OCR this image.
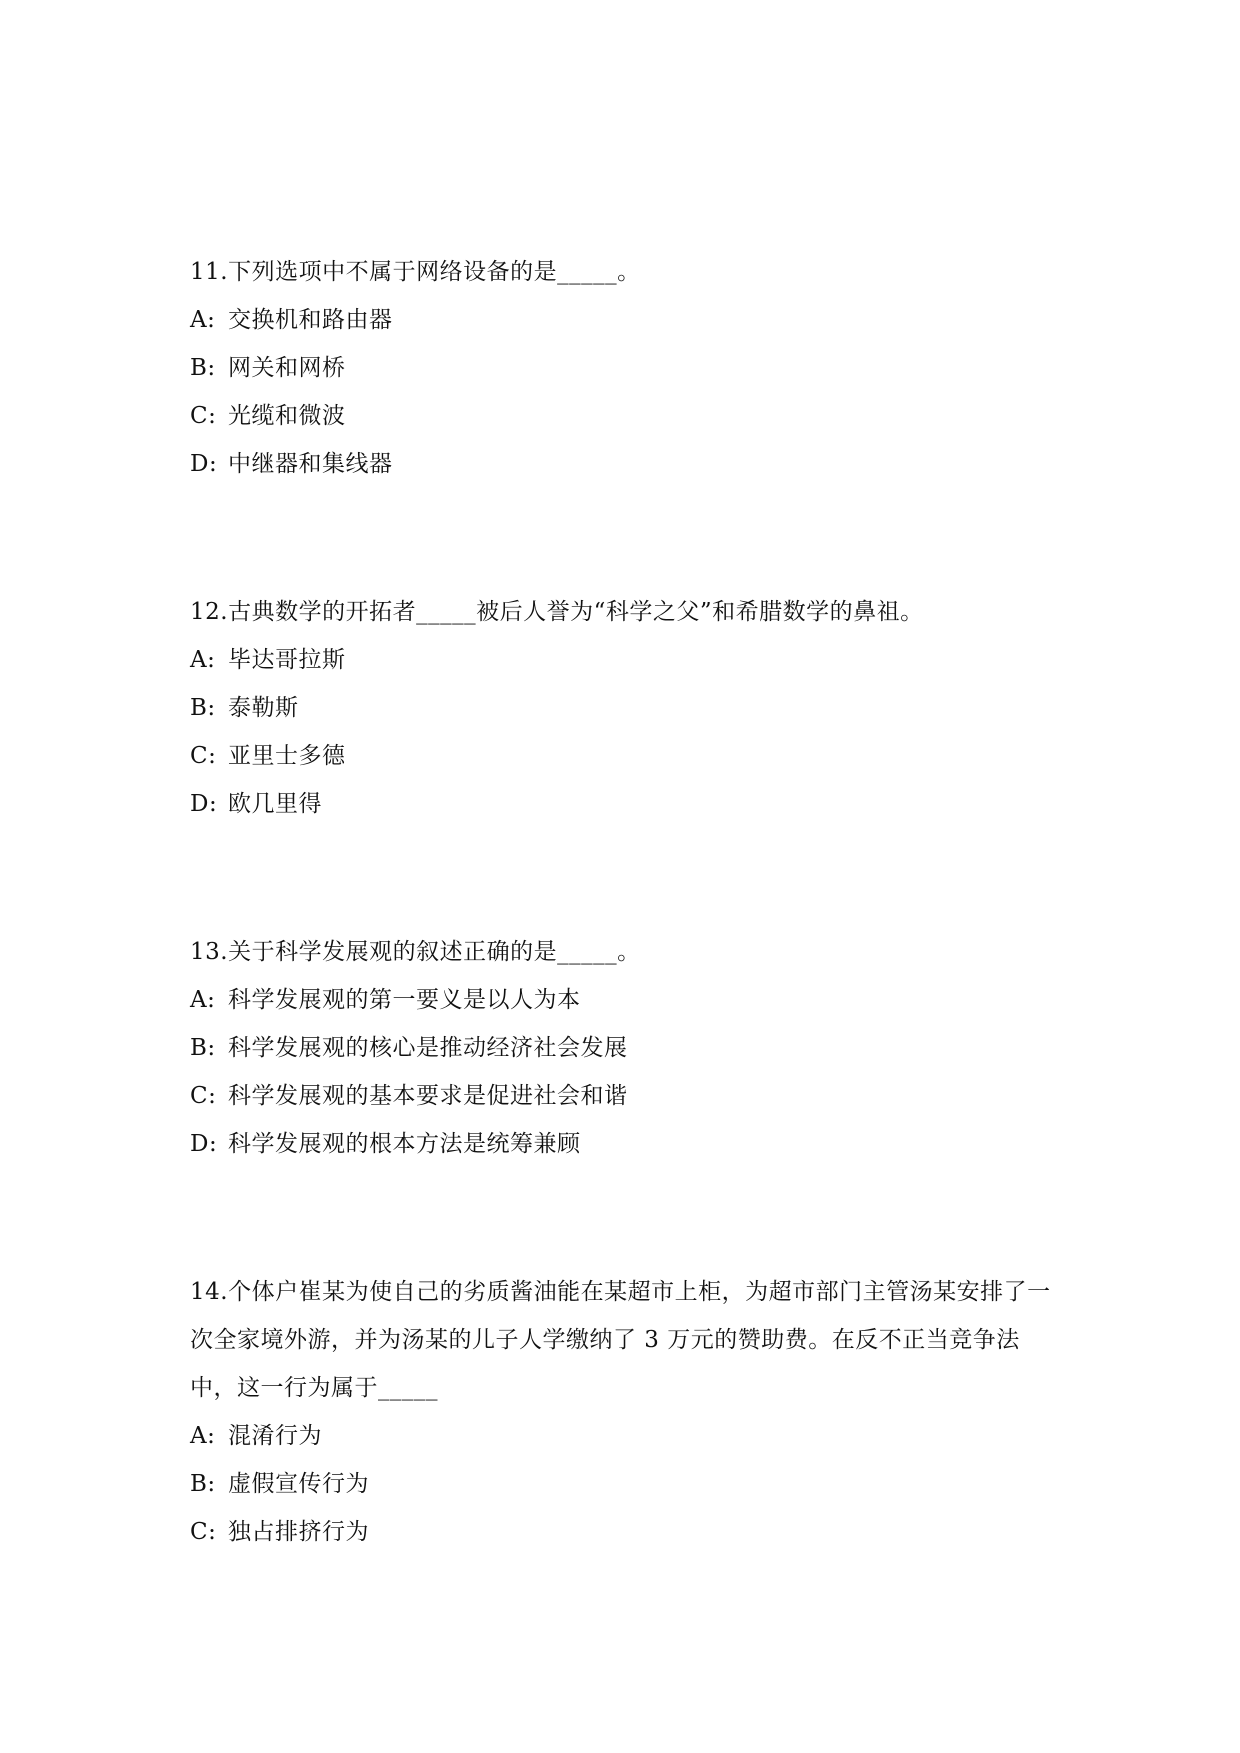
11.下列选项中不属于网络设备的是_____。

A: 交换机和路由器

B: 网关和网桥

C: 光缆和微波

D: 中继器和集线器

12.古典数学的开拓者_____被后人誉为“科学之父”和希腊数学的鼻祖。

A: 毕达哥拉斯

B: 泰勒斯

C: 亚里士多德

D: 欧几里得

13.关于科学发展观的叙述正确的是_____。

A: 科学发展观的第一要义是以人为本

B: 科学发展观的核心是推动经济社会发展

C: 科学发展观的基本要求是促进社会和谐

D: 科学发展观的根本方法是统筹兼顾

14.个体户崔某为使自己的劣质酱油能在某超市上柜，为超市部门主管汤某安排了一次全家境外游，并为汤某的儿子人学缴纳了 3 万元的赞助费。在反不正当竞争法中，这一行为属于_____

A: 混淆行为

B: 虚假宣传行为

C: 独占排挤行为
